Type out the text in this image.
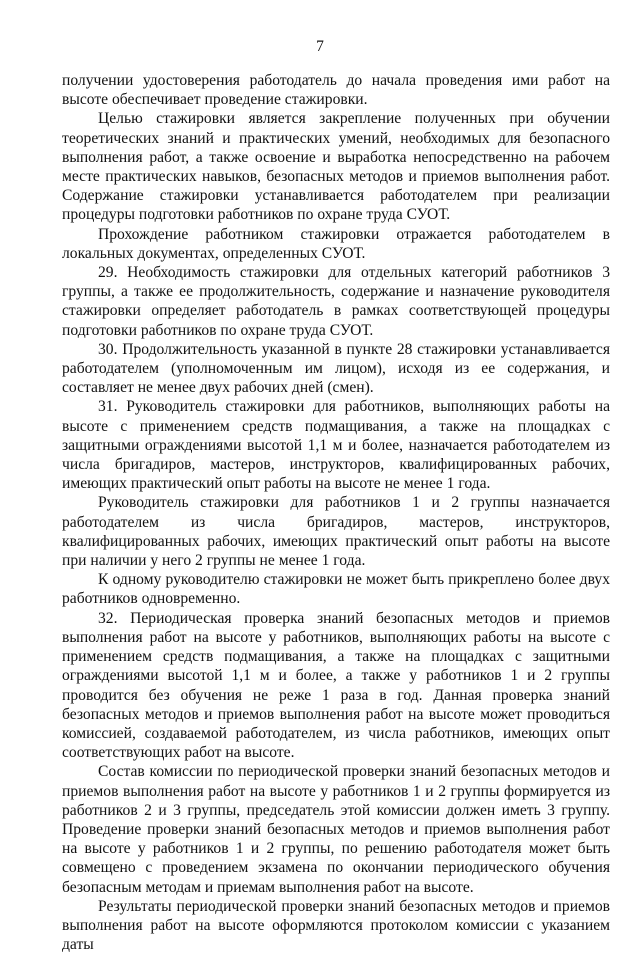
7

получении удостоверения работодатель до начала проведения ими работ на высоте обеспечивает проведение стажировки.

Целью стажировки является закрепление полученных при обучении теоретических знаний и практических умений, необходимых для безопасного выполнения работ, а также освоение и выработка непосредственно на рабочем месте практических навыков, безопасных методов и приемов выполнения работ. Содержание стажировки устанавливается работодателем при реализации процедуры подготовки работников по охране труда СУОТ.

Прохождение работником стажировки отражается работодателем в локальных документах, определенных СУОТ.

29. Необходимость стажировки для отдельных категорий работников 3 группы, а также ее продолжительность, содержание и назначение руководителя стажировки определяет работодатель в рамках соответствующей процедуры подготовки работников по охране труда СУОТ.

30. Продолжительность указанной в пункте 28 стажировки устанавливается работодателем (уполномоченным им лицом), исходя из ее содержания, и составляет не менее двух рабочих дней (смен).

31. Руководитель стажировки для работников, выполняющих работы на высоте с применением средств подмащивания, а также на площадках с защитными ограждениями высотой 1,1 м и более, назначается работодателем из числа бригадиров, мастеров, инструкторов, квалифицированных рабочих, имеющих практический опыт работы на высоте не менее 1 года.

Руководитель стажировки для работников 1 и 2 группы назначается работодателем из числа бригадиров, мастеров, инструкторов, квалифицированных рабочих, имеющих практический опыт работы на высоте при наличии у него 2 группы не менее 1 года.

К одному руководителю стажировки не может быть прикреплено более двух работников одновременно.

32. Периодическая проверка знаний безопасных методов и приемов выполнения работ на высоте у работников, выполняющих работы на высоте с применением средств подмащивания, а также на площадках с защитными ограждениями высотой 1,1 м и более, а также у работников 1 и 2 группы проводится без обучения не реже 1 раза в год. Данная проверка знаний безопасных методов и приемов выполнения работ на высоте может проводиться комиссией, создаваемой работодателем, из числа работников, имеющих опыт соответствующих работ на высоте.

Состав комиссии по периодической проверки знаний безопасных методов и приемов выполнения работ на высоте у работников 1 и 2 группы формируется из работников 2 и 3 группы, председатель этой комиссии должен иметь 3 группу. Проведение проверки знаний безопасных методов и приемов выполнения работ на высоте у работников 1 и 2 группы, по решению работодателя может быть совмещено с проведением экзамена по окончании периодического обучения безопасным методам и приемам выполнения работ на высоте.

Результаты периодической проверки знаний безопасных методов и приемов выполнения работ на высоте оформляются протоколом комиссии с указанием даты
